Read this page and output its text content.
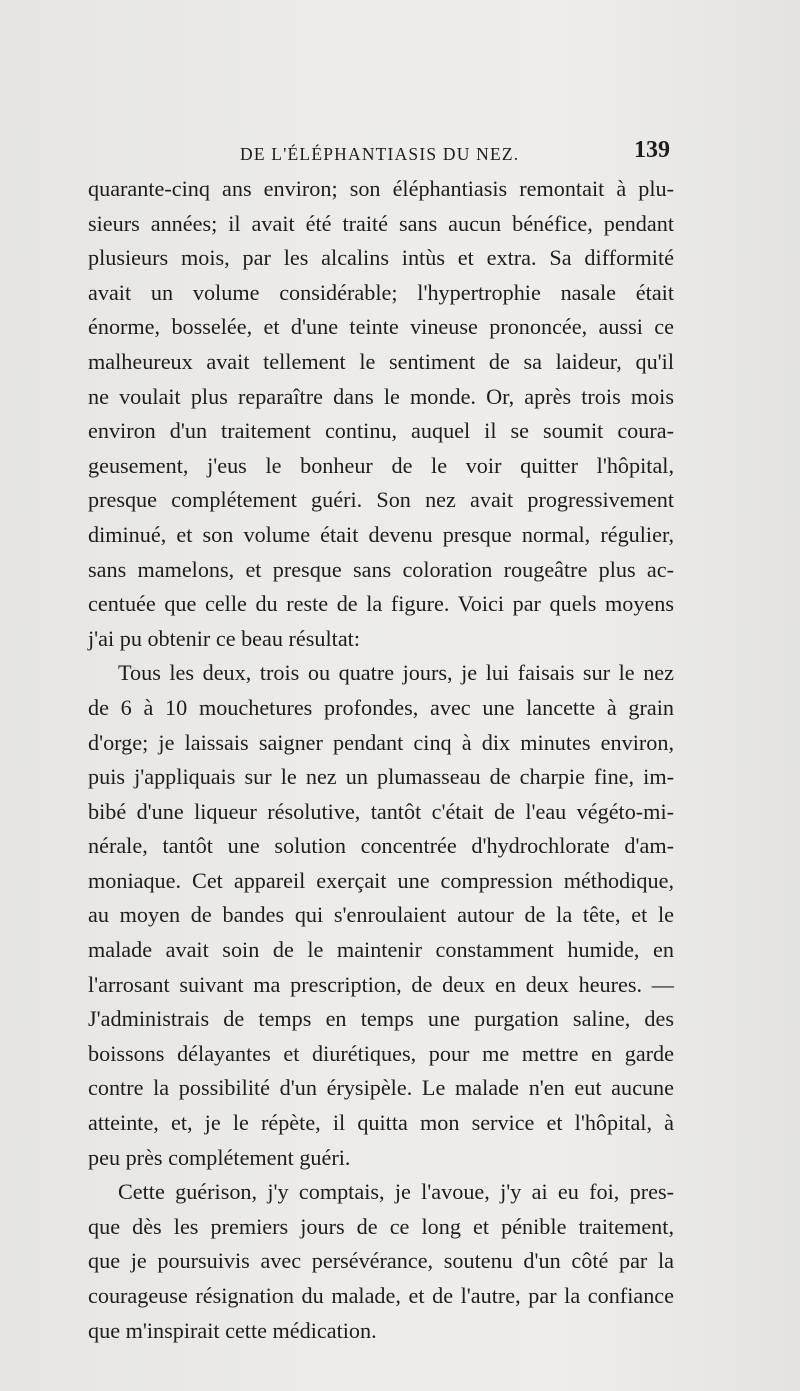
DE L'ÉLÉPHANTIASIS DU NEZ.	139
quarante-cinq ans environ; son éléphantiasis remontait à plu-
sieurs années; il avait été traité sans aucun bénéfice, pendant
plusieurs mois, par les alcalins intùs et extra. Sa difformité
avait un volume considérable; l'hypertrophie nasale était
énorme, bosselée, et d'une teinte vineuse prononcée, aussi ce
malheureux avait tellement le sentiment de sa laideur, qu'il
ne voulait plus reparaître dans le monde. Or, après trois mois
environ d'un traitement continu, auquel il se soumit coura-
geusement, j'eus le bonheur de le voir quitter l'hôpital,
presque complétement guéri. Son nez avait progressivement
diminué, et son volume était devenu presque normal, régulier,
sans mamelons, et presque sans coloration rougeâtre plus ac-
centuée que celle du reste de la figure. Voici par quels moyens
j'ai pu obtenir ce beau résultat:
Tous les deux, trois ou quatre jours, je lui faisais sur le nez
de 6 à 10 mouchetures profondes, avec une lancette à grain
d'orge; je laissais saigner pendant cinq à dix minutes environ,
puis j'appliquais sur le nez un plumasseau de charpie fine, im-
bibé d'une liqueur résolutive, tantôt c'était de l'eau végéto-mi-
nérale, tantôt une solution concentrée d'hydrochlorate d'am-
moniaque. Cet appareil exerçait une compression méthodique,
au moyen de bandes qui s'enroulaient autour de la tête, et le
malade avait soin de le maintenir constamment humide, en
l'arrosant suivant ma prescription, de deux en deux heures. —
J'administrais de temps en temps une purgation saline, des
boissons délayantes et diurétiques, pour me mettre en garde
contre la possibilité d'un érysipèle. Le malade n'en eut aucune
atteinte, et, je le répète, il quitta mon service et l'hôpital, à
peu près complétement guéri.
Cette guérison, j'y comptais, je l'avoue, j'y ai eu foi, pres-
que dès les premiers jours de ce long et pénible traitement,
que je poursuivis avec persévérance, soutenu d'un côté par la
courageuse résignation du malade, et de l'autre, par la confiance
que m'inspirait cette médication.
